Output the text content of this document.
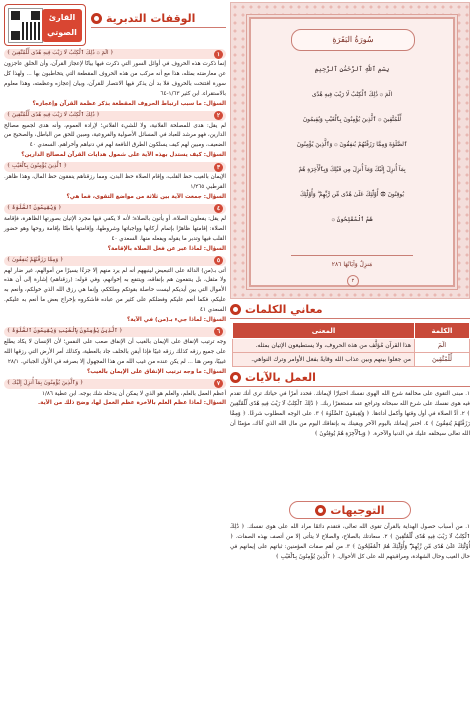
القارئ
الصوتي
الوقفات التدبرية
١
﴿ الٓمٓ ۞ ذَٰلِكَ ٱلْكِتَٰبُ لَا رَيْبَ فِيهِ هُدًى لِّلْمُتَّقِينَ ﴾
إنما ذكرت هذه الحروف في أوائل السور التي ذكرت فيها بيانًا لإعجاز القرآن، وأن الخلق عاجزون عن معارضته بمثله، هذا مع أنه مركب من هذه الحروف المقطعة التي يتخاطبون بها ... ولهذا كل سورة افتتحت بالحروف فلا بد أن يذكر فيها الانتصار للقرآن، وبيان إعجازه وعظمته، وهذا معلوم بالاستقراء. ابن كثير ١/٦٣-٦٤
السؤال: ما سبب ارتباط الحروف المقطعة بذكر عظمة القرآن وإعجازه؟
٢
﴿ ذَٰلِكَ ٱلْكِتَٰبُ لَا رَيْبَ فِيهِ هُدًى لِّلْمُتَّقِينَ ﴾
لم يقل: هدى للمصلحة الفلانية، ولا للشيء الفلاني؛ لإرادة العموم، وأنه هدى لجميع مصالح الدارين، فهو مرشد للعباد في المسائل الأصولية والفروعية، ومبين للحق من الباطل، والصحيح من الضعيف، ومبين لهم كيف يسلكون الطرق النافعة لهم في دنياهم وأخراهم. السعدي ٤٠
السؤال: كيف يستدل بهذه الآية على شمول هدايات القرآن لمصالح الدارين؟
٣
﴿ ٱلَّذِينَ يُؤْمِنُونَ بِٱلْغَيْبِ ﴾
الإيمان بالغيب حظ القلب، وإقام الصلاة حظ البدن، ومما رزقناهم ينفقون حظ المال، وهذا ظاهر. القرطبي ١/٢٦٥
السؤال: جمعت الآية بين ثلاثة من مواضع التقوى، فما هي؟
٤
﴿ وَيُقِيمُونَ ٱلصَّلَوٰةَ ﴾
لم يقل: يفعلون الصلاة، أو يأتون بالصلاة؛ لأنه لا يكفي فيها مجرد الإتيان بصورتها الظاهرة، فإقامة الصلاة: إقامتها ظاهرًا بإتمام أركانها وواجباتها وشروطها، وإقامتها باطنًا بإقامة روحها وهو حضور القلب فيها وتدبر ما يقوله ويفعله منها. السعدي ٤٠
السؤال: لماذا عبر عن فعل الصلاة بالإقامة؟
٥
﴿ وَمِمَّا رَزَقْنَٰهُمْ يُنفِقُونَ ﴾
أتى بـ(من) الدالة على التبعيض لينبههم أنه لم يرد منهم إلا جزءًا يسيرًا من أموالهم، غير ضار لهم ولا مثقل، بل ينتفعون هم بإنفاقه، وينتفع به إخوانهم، وفي قوله: (رزقناهم) إشارة إلى أن هذه الأموال التي بين أيديكم ليست حاصلة بقوتكم وملككم، وإنما هي رزق الله الذي خولكم، وأنعم به عليكم، فكما أنعم عليكم وفضلكم على كثير من عباده فاشكروه بإخراج بعض ما أنعم به عليكم. السعدي ٤١
السؤال: لماذا جيء بـ(من) في الآية؟
٦
﴿ ٱلَّذِينَ يُؤْمِنُونَ بِٱلْغَيْبِ وَيُقِيمُونَ ٱلصَّلَوٰةَ ﴾
وجه ترتيب الإنفاق على الإيمان بالغيب أن الإنفاق صعب على النفس؛ لأن الإنسان لا يكاد يطلع على جميع رزقه كذلك رزقه غيبًا فإذا أيقن بالخلف جاد بالعطية، وكذلك أمر الأرض التي رزقها الله غيبيًا، ومن هنا ... لم يكن عنده من غيب الله من هذا المجهول إلا بصرفه في الأول الجبائي. ٢٨/١
السؤال: ما وجه ترتيب الإنفاق على الإيمان بالغيب؟
٧
﴿ وَٱلَّذِينَ يُؤْمِنُونَ بِمَآ أُنزِلَ إِلَيْكَ ﴾
أعظم العمل بالعلم، والعلم هو الذي لا يمكن أن يدخله شك بوجه. ابن عطية ١/٨٦
السؤال: لماذا عظم العلم بالآخرة عظم العمل لها، وضح ذلك من الآية.
سُورَةُ البَقَرَةِ
بِسْمِ ٱللَّهِ ٱلرَّحْمَٰنِ ٱلرَّحِيمِ
الٓمٓ ۞ ذَٰلِكَ ٱلْكِتَٰبُ لَا رَيْبَ فِيهِ هُدًى
لِّلْمُتَّقِينَ ۞ ٱلَّذِينَ يُؤْمِنُونَ بِٱلْغَيْبِ وَيُقِيمُونَ
ٱلصَّلَوٰةَ وَمِمَّا رَزَقْنَٰهُمْ يُنفِقُونَ ۞ وَٱلَّذِينَ يُؤْمِنُونَ
بِمَآ أُنزِلَ إِلَيْكَ وَمَآ أُنزِلَ مِن قَبْلِكَ وَبِٱلْأَخِرَةِ هُمْ
يُوقِنُونَ ۞ أُوْلَٰٓئِكَ عَلَىٰ هُدًى مِّن رَّبِّهِمْ ۖ وَأُوْلَٰٓئِكَ
هُمُ ٱلْمُفْلِحُونَ ۞
مَنزِلٌ وَآيَاتُهَا ٢٨٦
٢
معاني الكلمات
الكلمة	المعنى
الٓمٓ	هذا القرآن مُؤلَّف من هذه الحروف، ولا يستطيعون الإتيان بمثله.
لِّلْمُتَّقِينَ	من جعلوا بينهم وبين عذاب الله وقايةً بفعل الأوامر وترك النواهي.
العمل بالآيات
١. مبنى التقوى على مخالفة شرع الله الهوى نفسك اختيارًا لإيمانك. فحدد أمرًا في حياتك ترى أنك تقدم فيه هوى نفسك على شرع الله سبحانه وتراجع عنه مستغفرًا ربك. ﴿ ذَٰلِكَ ٱلْكِتَٰبُ لَا رَيْبَ فِيهِ هُدًى لِّلْمُتَّقِينَ ﴾ ٢. أدِّ الصلاة في أول وقتها وأكمل أداءها. ﴿ وَيُقِيمُونَ ٱلصَّلَوٰةَ ﴾ ٣. على الوجه المطلوب شرعًا. ﴿ وَمِمَّا رَزَقْنَٰهُمْ يُنفِقُونَ ﴾ ٤. اختبر إيمانك باليوم الآخر ويقينك به بإنفاقك اليوم من مال الله الذي آتاك، مؤمنًا أن الله تعالى سيخلفه عليك في الدنيا والآخرة. ﴿ وَبِٱلْأَخِرَةِ هُمْ يُوقِنُونَ ﴾
التوجيهات
١. من أسباب حصول الهداية بالقرآن تقوى الله تعالى، فتقدم دائمًا مراد الله على هوى نفسك. ﴿ ذَٰلِكَ ٱلْكِتَٰبُ لَا رَيْبَ فِيهِ هُدًى لِّلْمُتَّقِينَ ﴾ ٢. سعادتك بالصلاح، والصلاح لا يتأتى إلا من أتصف بهذه الصفات. ﴿ أُوْلَٰٓئِكَ عَلَىٰ هُدًى مِّن رَّبِّهِمْ ۖ وَأُوْلَٰٓئِكَ هُمُ ٱلْمُفْلِحُونَ ﴾ ٣. من أهم صفات المؤمنين: ثباتهم على إيمانهم في حال الغيب وحال الشهادة، ومراقبتهم لله على كل الأحوال. ﴿ ٱلَّذِينَ يُؤْمِنُونَ بِٱلْغَيْبِ ﴾
